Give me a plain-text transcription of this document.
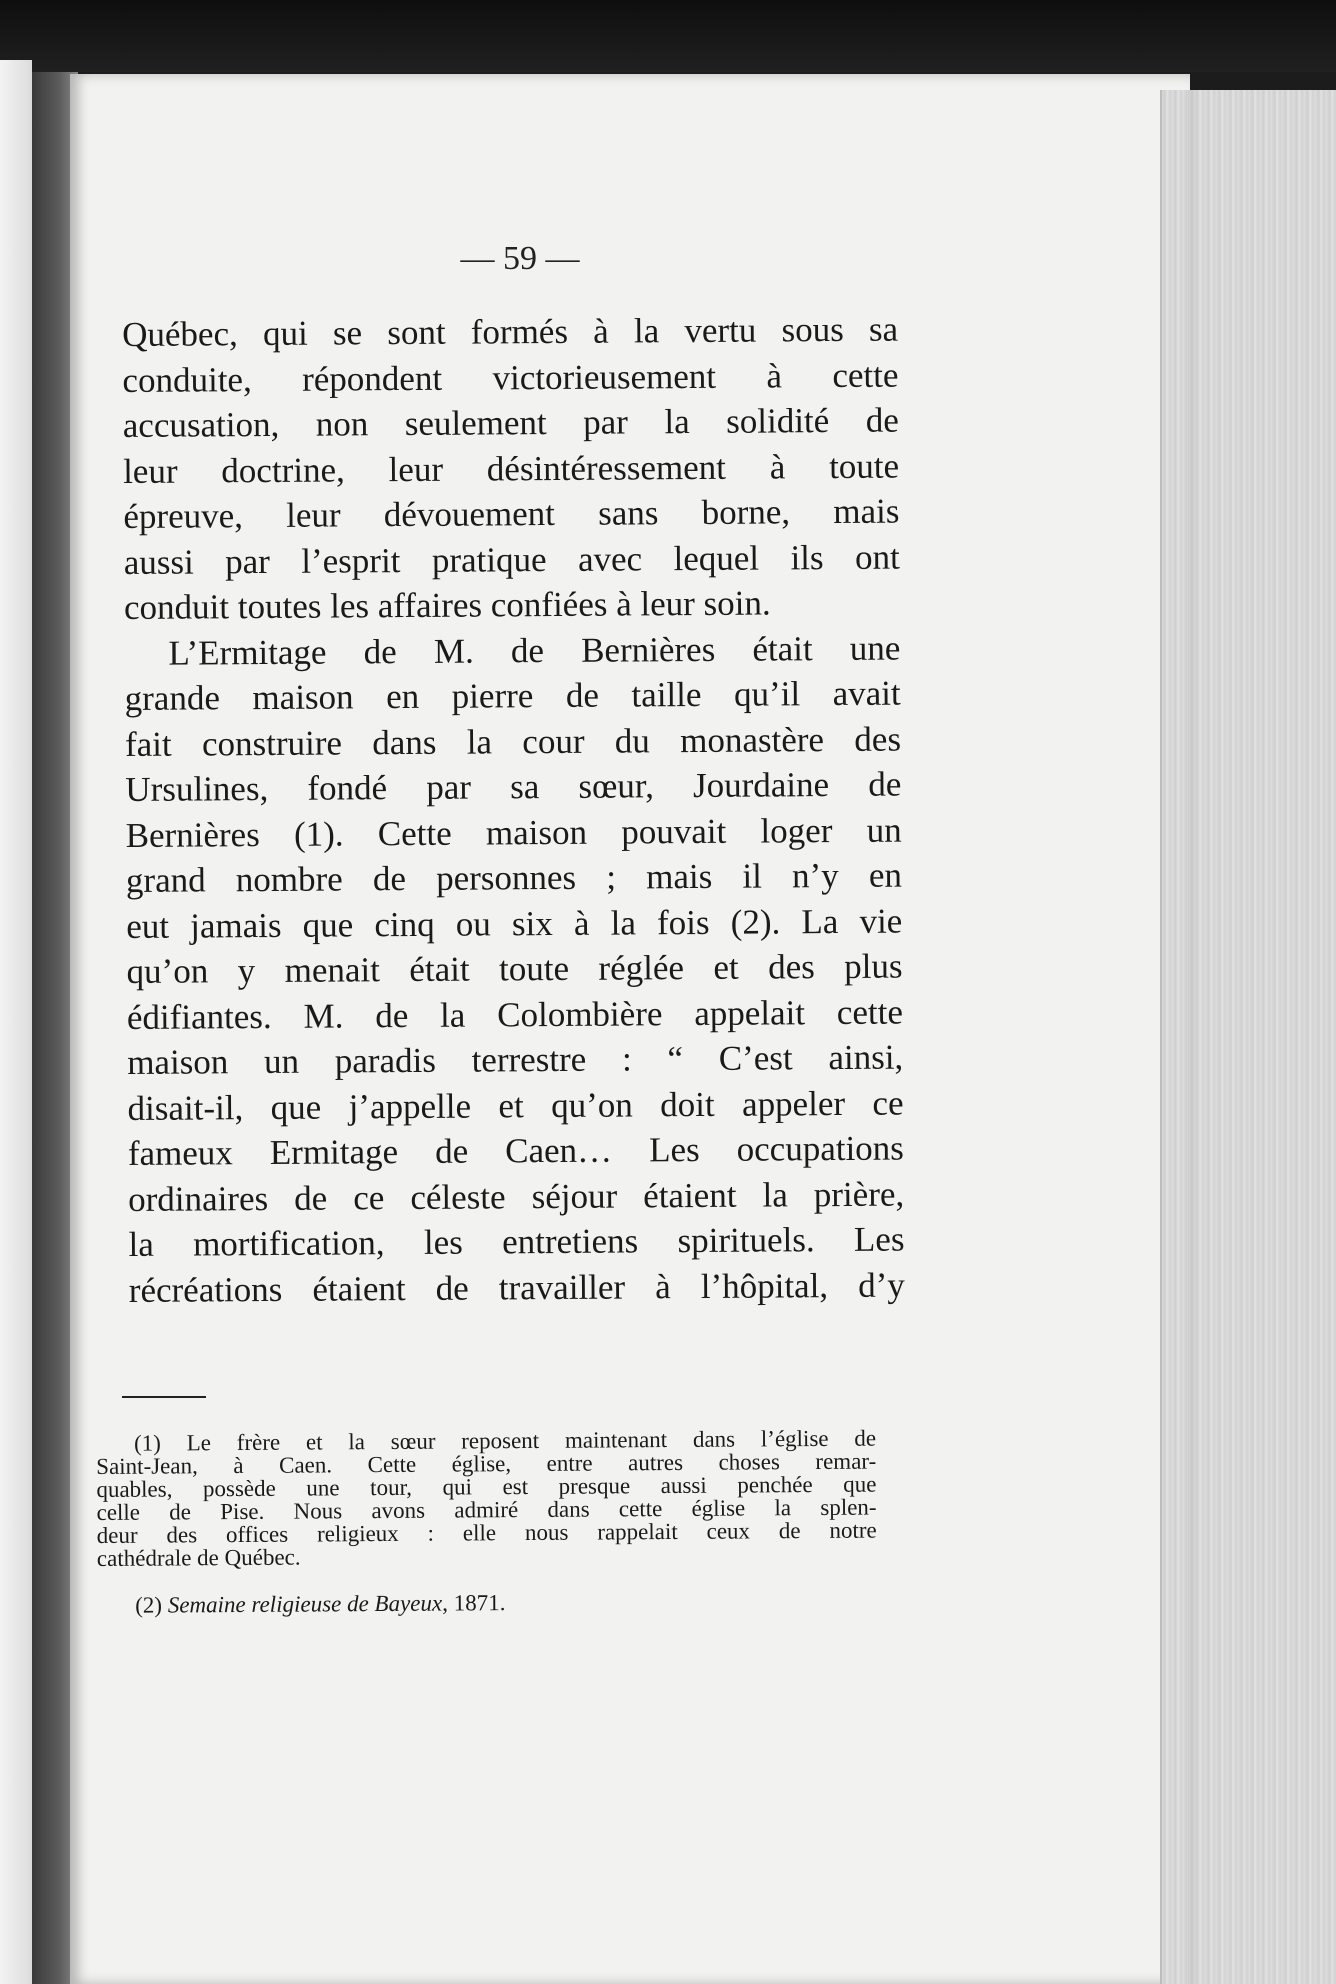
— 59 —
Québec, qui se sont formés à la vertu sous sa
conduite, répondent victorieusement à cette
accusation, non seulement par la solidité de
leur doctrine, leur désintéressement à toute
épreuve, leur dévouement sans borne, mais
aussi par l’esprit pratique avec lequel ils ont
conduit toutes les affaires confiées à leur soin.
L’Ermitage de M. de Bernières était une
grande maison en pierre de taille qu’il avait
fait construire dans la cour du monastère des
Ursulines, fondé par sa sœur, Jourdaine de
Bernières (1). Cette maison pouvait loger un
grand nombre de personnes ; mais il n’y en
eut jamais que cinq ou six à la fois (2). La vie
qu’on y menait était toute réglée et des plus
édifiantes. M. de la Colombière appelait cette
maison un paradis terrestre : “ C’est ainsi,
disait-il, que j’appelle et qu’on doit appeler ce
fameux Ermitage de Caen… Les occupations
ordinaires de ce céleste séjour étaient la prière,
la mortification, les entretiens spirituels. Les
récréations étaient de travailler à l’hôpital, d’y
(1) Le frère et la sœur reposent maintenant dans l’église de
Saint-Jean, à Caen. Cette église, entre autres choses remar-
quables, possède une tour, qui est presque aussi penchée que
celle de Pise. Nous avons admiré dans cette église la splen-
deur des offices religieux : elle nous rappelait ceux de notre
cathédrale de Québec.
(2) Semaine religieuse de Bayeux, 1871.
